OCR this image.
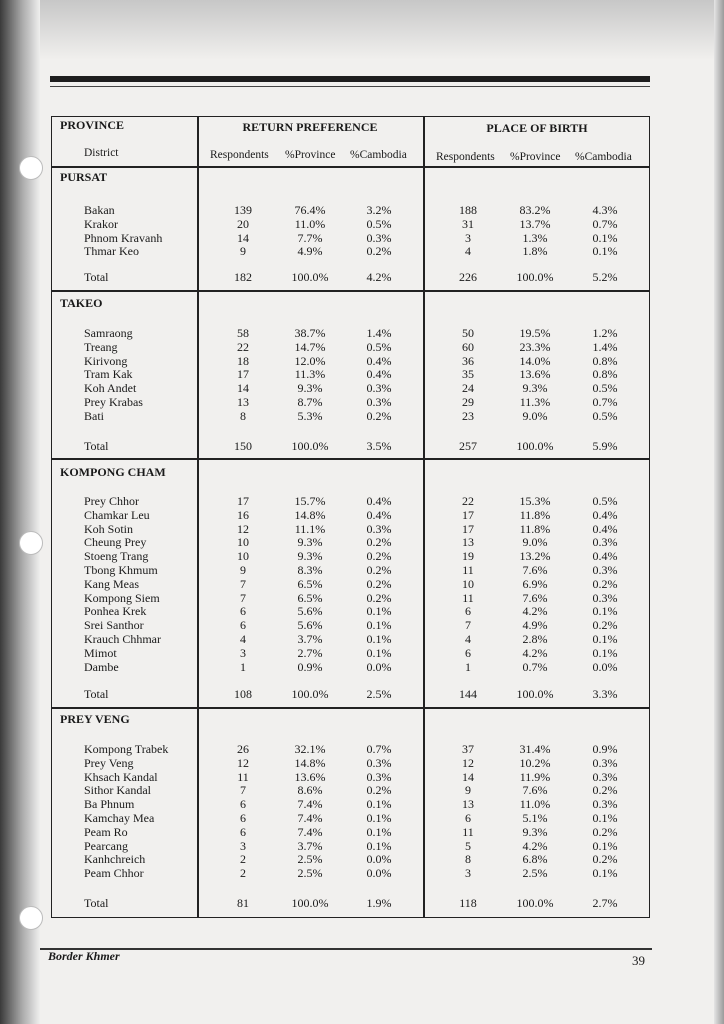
PROVINCE
District
RETURN PREFERENCE	PLACE OF BIRTH
Respondents %Province %Cambodia	Respondents %Province %Cambodia
PURSAT
Bakan	139	76.4%	3.2%	188	83.2%	4.3%
Krakor	20	11.0%	0.5%	31	13.7%	0.7%
Phnom Kravanh	14	7.7%	0.3%	3	1.3%	0.1%
Thmar Keo	9	4.9%	0.2%	4	1.8%	0.1%
Total	182	100.0%	4.2%	226	100.0%	5.2%
TAKEO
Samraong	58	38.7%	1.4%	50	19.5%	1.2%
Treang	22	14.7%	0.5%	60	23.3%	1.4%
Kirivong	18	12.0%	0.4%	36	14.0%	0.8%
Tram Kak	17	11.3%	0.4%	35	13.6%	0.8%
Koh Andet	14	9.3%	0.3%	24	9.3%	0.5%
Prey Krabas	13	8.7%	0.3%	29	11.3%	0.7%
Bati	8	5.3%	0.2%	23	9.0%	0.5%
Total	150	100.0%	3.5%	257	100.0%	5.9%
KOMPONG CHAM
Prey Chhor	17	15.7%	0.4%	22	15.3%	0.5%
Chamkar Leu	16	14.8%	0.4%	17	11.8%	0.4%
Koh Sotin	12	11.1%	0.3%	17	11.8%	0.4%
Cheung Prey	10	9.3%	0.2%	13	9.0%	0.3%
Stoeng Trang	10	9.3%	0.2%	19	13.2%	0.4%
Tbong Khmum	9	8.3%	0.2%	11	7.6%	0.3%
Kang Meas	7	6.5%	0.2%	10	6.9%	0.2%
Kompong Siem	7	6.5%	0.2%	11	7.6%	0.3%
Ponhea Krek	6	5.6%	0.1%	6	4.2%	0.1%
Srei Santhor	6	5.6%	0.1%	7	4.9%	0.2%
Krauch Chhmar	4	3.7%	0.1%	4	2.8%	0.1%
Mimot	3	2.7%	0.1%	6	4.2%	0.1%
Dambe	1	0.9%	0.0%	1	0.7%	0.0%
Total	108	100.0%	2.5%	144	100.0%	3.3%
PREY VENG
Kompong Trabek	26	32.1%	0.7%	37	31.4%	0.9%
Prey Veng	12	14.8%	0.3%	12	10.2%	0.3%
Khsach Kandal	11	13.6%	0.3%	14	11.9%	0.3%
Sithor Kandal	7	8.6%	0.2%	9	7.6%	0.2%
Ba Phnum	6	7.4%	0.1%	13	11.0%	0.3%
Kamchay Mea	6	7.4%	0.1%	6	5.1%	0.1%
Peam Ro	6	7.4%	0.1%	11	9.3%	0.2%
Pearcang	3	3.7%	0.1%	5	4.2%	0.1%
Kanhchreich	2	2.5%	0.0%	8	6.8%	0.2%
Peam Chhor	2	2.5%	0.0%	3	2.5%	0.1%
Total	81	100.0%	1.9%	118	100.0%	2.7%
Border Khmer	39
